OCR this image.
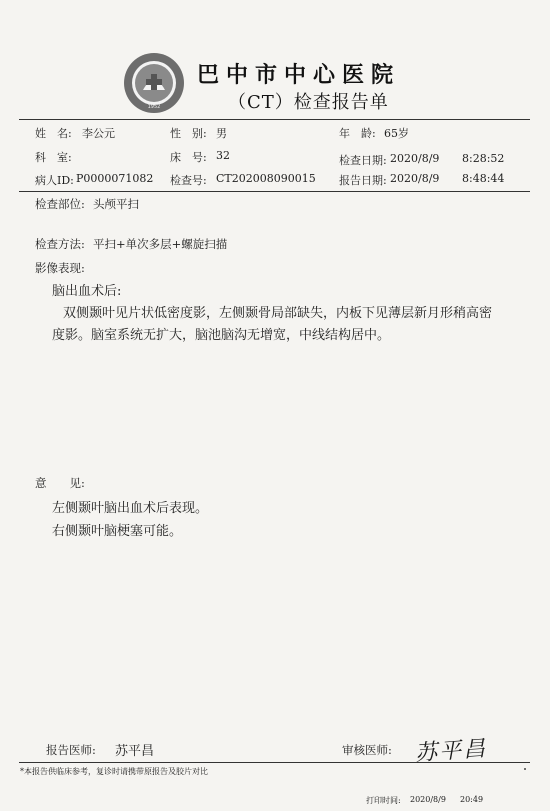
1952
巴中市中心医院
（CT）检查报告单
姓　名: 李公元	性　别: 男	年　龄: 65岁
科　室:	床　号: 32	检查日期: 2020/8/9 8:28:52
病人ID: P0000071082 检查号: CT202008090015 报告日期: 2020/8/9 8:48:44
检查部位: 头颅平扫
检查方法: 平扫+单次多层+螺旋扫描
影像表现:
脑出血术后:
双侧颞叶见片状低密度影，左侧颞骨局部缺失，内板下见薄层新月形稍高密
度影。脑室系统无扩大，脑池脑沟无增宽，中线结构居中。
意　　见:
左侧颞叶脑出血术后表现。
右侧颞叶脑梗塞可能。
报告医师: 苏平昌	审核医师: 苏平昌
*本报告供临床参考，复诊时请携带原报告及胶片对比
打印时间: 2020/8/9 20:49
